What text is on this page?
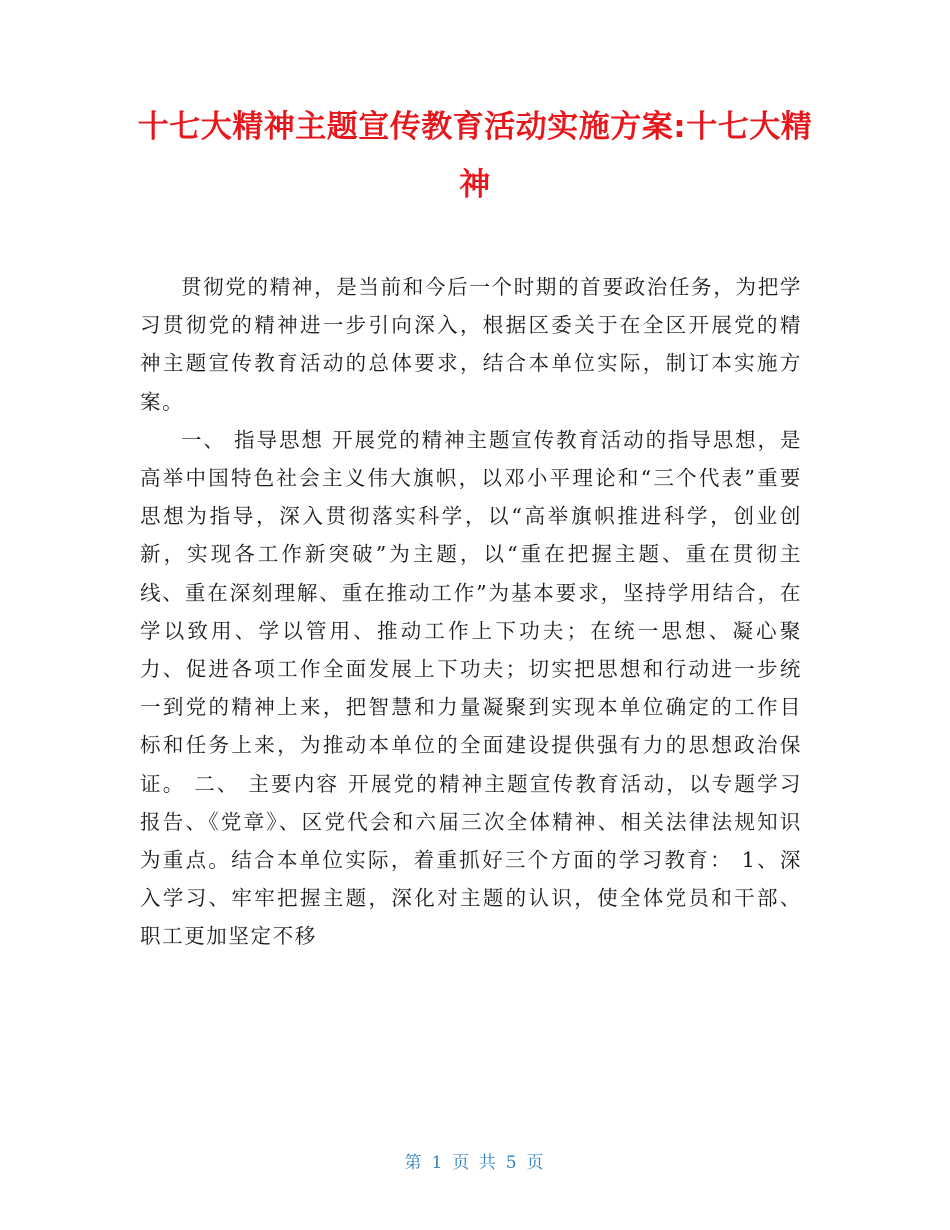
十七大精神主题宣传教育活动实施方案:十七大精神

贯彻党的精神，是当前和今后一个时期的首要政治任务，为把学习贯彻党的精神进一步引向深入，根据区委关于在全区开展党的精神主题宣传教育活动的总体要求，结合本单位实际，制订本实施方案。

一、 指导思想 开展党的精神主题宣传教育活动的指导思想，是高举中国特色社会主义伟大旗帜，以邓小平理论和“三个代表”重要思想为指导，深入贯彻落实科学，以“高举旗帜推进科学，创业创新，实现各工作新突破”为主题，以“重在把握主题、重在贯彻主线、重在深刻理解、重在推动工作”为基本要求，坚持学用结合，在学以致用、学以管用、推动工作上下功夫；在统一思想、凝心聚力、促进各项工作全面发展上下功夫；切实把思想和行动进一步统一到党的精神上来，把智慧和力量凝聚到实现本单位确定的工作目标和任务上来，为推动本单位的全面建设提供强有力的思想政治保证。 二、 主要内容 开展党的精神主题宣传教育活动，以专题学习报告、《党章》、区党代会和六届三次全体精神、相关法律法规知识为重点。结合本单位实际，着重抓好三个方面的学习教育： 1、深入学习、牢牢把握主题，深化对主题的认识，使全体党员和干部、职工更加坚定不移

第 1 页 共 5 页
